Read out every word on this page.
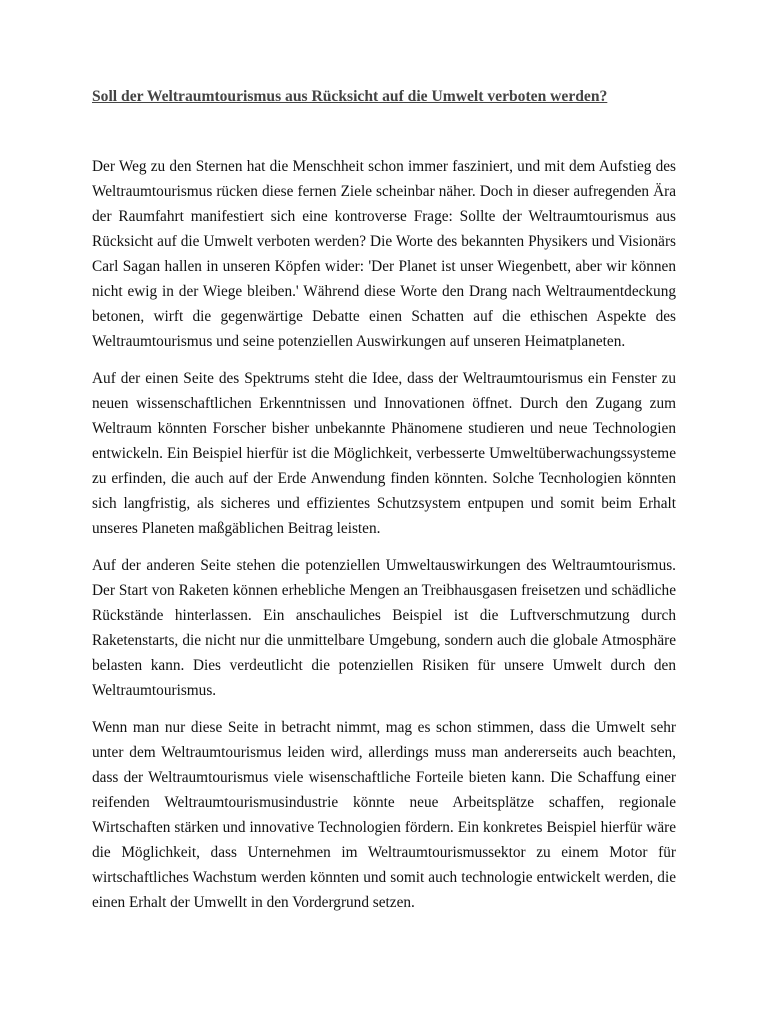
Soll der Weltraumtourismus aus Rücksicht auf die Umwelt verboten werden?

Der Weg zu den Sternen hat die Menschheit schon immer fasziniert, und mit dem Aufstieg des Weltraumtourismus rücken diese fernen Ziele scheinbar näher. Doch in dieser aufregenden Ära der Raumfahrt manifestiert sich eine kontroverse Frage: Sollte der Weltraumtourismus aus Rücksicht auf die Umwelt verboten werden? Die Worte des bekannten Physikers und Visionärs Carl Sagan hallen in unseren Köpfen wider: 'Der Planet ist unser Wiegenbett, aber wir können nicht ewig in der Wiege bleiben.' Während diese Worte den Drang nach Weltraumentdeckung betonen, wirft die gegenwärtige Debatte einen Schatten auf die ethischen Aspekte des Weltraumtourismus und seine potenziellen Auswirkungen auf unseren Heimatplaneten.

Auf der einen Seite des Spektrums steht die Idee, dass der Weltraumtourismus ein Fenster zu neuen wissenschaftlichen Erkenntnissen und Innovationen öffnet. Durch den Zugang zum Weltraum könnten Forscher bisher unbekannte Phänomene studieren und neue Technologien entwickeln. Ein Beispiel hierfür ist die Möglichkeit, verbesserte Umweltüberwachungssysteme zu erfinden, die auch auf der Erde Anwendung finden könnten. Solche Tecnhologien könnten sich langfristig, als sicheres und effizientes Schutzsystem entpupen und somit beim Erhalt unseres Planeten maßgäblichen Beitrag leisten.

Auf der anderen Seite stehen die potenziellen Umweltauswirkungen des Weltraumtourismus. Der Start von Raketen können erhebliche Mengen an Treibhausgasen freisetzen und schädliche Rückstände hinterlassen. Ein anschauliches Beispiel ist die Luftverschmutzung durch Raketenstarts, die nicht nur die unmittelbare Umgebung, sondern auch die globale Atmosphäre belasten kann. Dies verdeutlicht die potenziellen Risiken für unsere Umwelt durch den Weltraumtourismus.

Wenn man nur diese Seite in betracht nimmt, mag es schon stimmen, dass die Umwelt sehr unter dem Weltraumtourismus leiden wird, allerdings muss man andererseits auch beachten, dass der Weltraumtourismus viele wisenschaftliche Forteile bieten kann. Die Schaffung einer reifenden Weltraumtourismusindustrie könnte neue Arbeitsplätze schaffen, regionale Wirtschaften stärken und innovative Technologien fördern. Ein konkretes Beispiel hierfür wäre die Möglichkeit, dass Unternehmen im Weltraumtourismussektor zu einem Motor für wirtschaftliches Wachstum werden könnten und somit auch technologie entwickelt werden, die einen Erhalt der Umwellt in den Vordergrund setzen.
